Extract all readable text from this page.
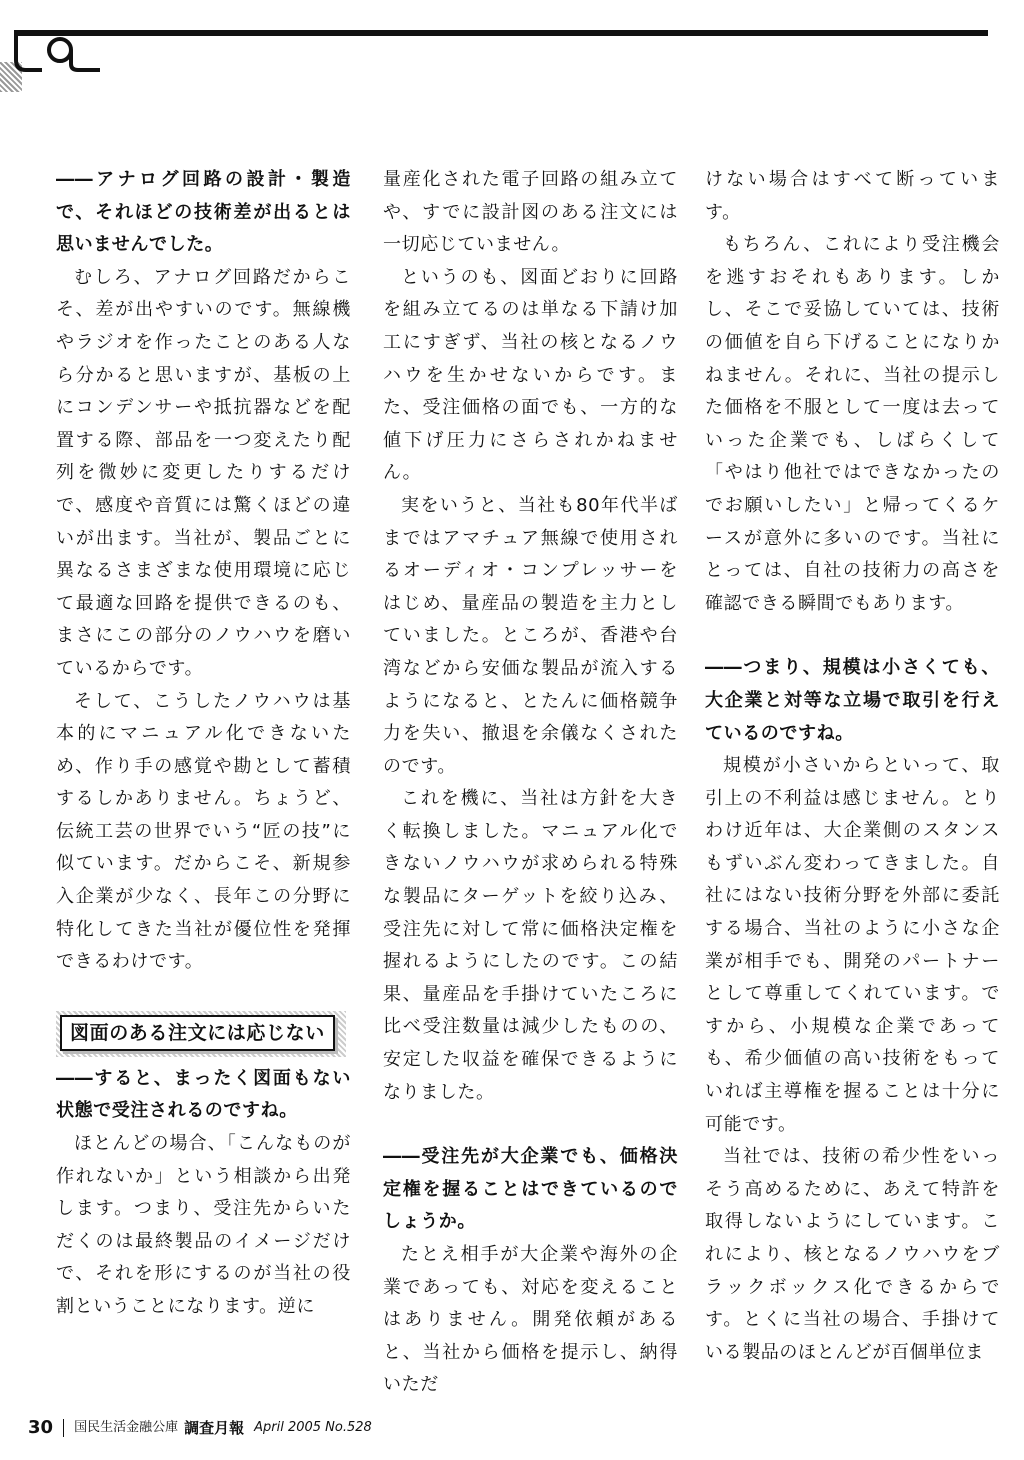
――アナログ回路の設計・製造で、それほどの技術差が出るとは思いませんでした。

むしろ、アナログ回路だからこそ、差が出やすいのです。無線機やラジオを作ったことのある人なら分かると思いますが、基板の上にコンデンサーや抵抗器などを配置する際、部品を一つ変えたり配列を微妙に変更したりするだけで、感度や音質には驚くほどの違いが出ます。当社が、製品ごとに異なるさまざまな使用環境に応じて最適な回路を提供できるのも、まさにこの部分のノウハウを磨いているからです。

そして、こうしたノウハウは基本的にマニュアル化できないため、作り手の感覚や勘として蓄積するしかありません。ちょうど、伝統工芸の世界でいう“匠の技”に似ています。だからこそ、新規参入企業が少なく、長年この分野に特化してきた当社が優位性を発揮できるわけです。

図面のある注文には応じない

――すると、まったく図面もない状態で受注されるのですね。

ほとんどの場合、「こんなものが作れないか」という相談から出発します。つまり、受注先からいただくのは最終製品のイメージだけで、それを形にするのが当社の役割ということになります。逆に

量産化された電子回路の組み立てや、すでに設計図のある注文には一切応じていません。

というのも、図面どおりに回路を組み立てるのは単なる下請け加工にすぎず、当社の核となるノウハウを生かせないからです。また、受注価格の面でも、一方的な値下げ圧力にさらされかねません。

実をいうと、当社も80年代半ばまではアマチュア無線で使用されるオーディオ・コンプレッサーをはじめ、量産品の製造を主力としていました。ところが、香港や台湾などから安価な製品が流入するようになると、とたんに価格競争力を失い、撤退を余儀なくされたのです。

これを機に、当社は方針を大きく転換しました。マニュアル化できないノウハウが求められる特殊な製品にターゲットを絞り込み、受注先に対して常に価格決定権を握れるようにしたのです。この結果、量産品を手掛けていたころに比べ受注数量は減少したものの、安定した収益を確保できるようになりました。

――受注先が大企業でも、価格決定権を握ることはできているのでしょうか。

たとえ相手が大企業や海外の企業であっても、対応を変えることはありません。開発依頼があると、当社から価格を提示し、納得いただ

けない場合はすべて断っています。

もちろん、これにより受注機会を逃すおそれもあります。しかし、そこで妥協していては、技術の価値を自ら下げることになりかねません。それに、当社の提示した価格を不服として一度は去っていった企業でも、しばらくして「やはり他社ではできなかったのでお願いしたい」と帰ってくるケースが意外に多いのです。当社にとっては、自社の技術力の高さを確認できる瞬間でもあります。

――つまり、規模は小さくても、大企業と対等な立場で取引を行えているのですね。

規模が小さいからといって、取引上の不利益は感じません。とりわけ近年は、大企業側のスタンスもずいぶん変わってきました。自社にはない技術分野を外部に委託する場合、当社のように小さな企業が相手でも、開発のパートナーとして尊重してくれています。ですから、小規模な企業であっても、希少価値の高い技術をもっていれば主導権を握ることは十分に可能です。

当社では、技術の希少性をいっそう高めるために、あえて特許を取得しないようにしています。これにより、核となるノウハウをブラックボックス化できるからです。とくに当社の場合、手掛けている製品のほとんどが百個単位ま

30 国民生活金融公庫 調査月報 April 2005 No.528
